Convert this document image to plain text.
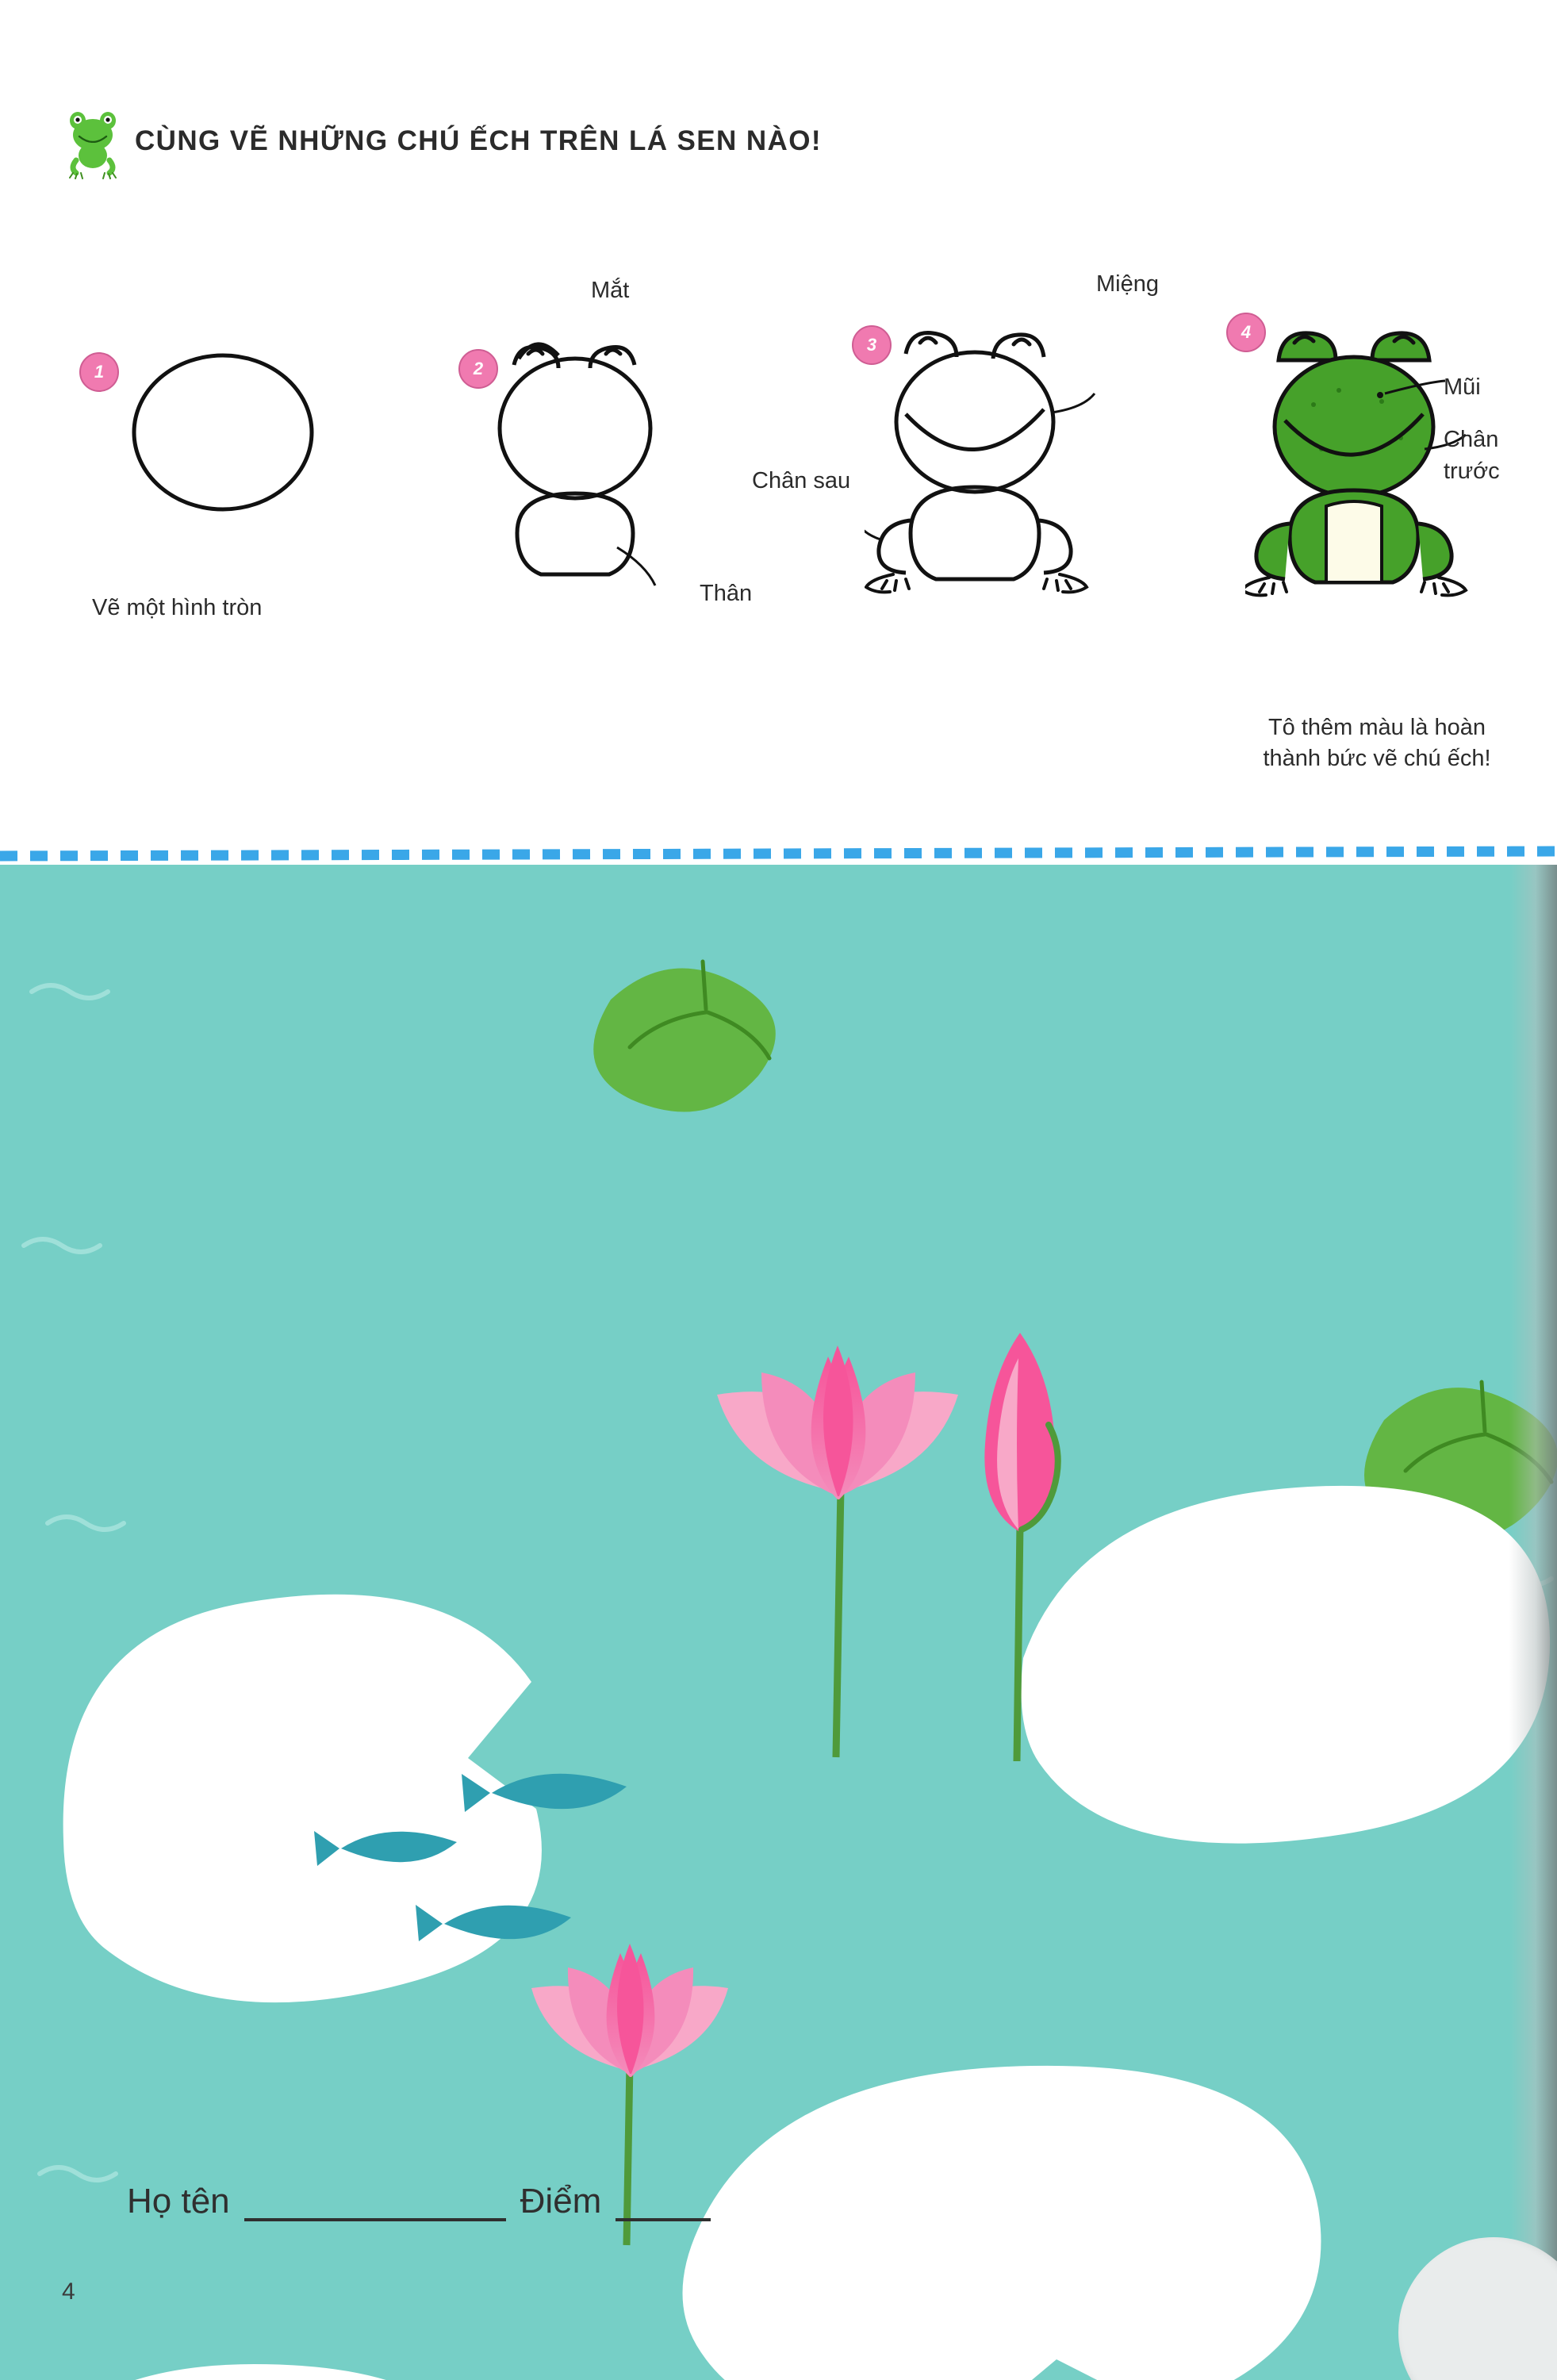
CÙNG VẼ NHỮNG CHÚ ẾCH TRÊN LÁ SEN NÀO!
1
Vẽ một hình tròn
2
Mắt
Thân
3
Miệng
Chân sau
4
Mũi
Chân
trước
Tô thêm màu là hoàn thành bức vẽ chú ếch!
Họ tên	Điểm
4
